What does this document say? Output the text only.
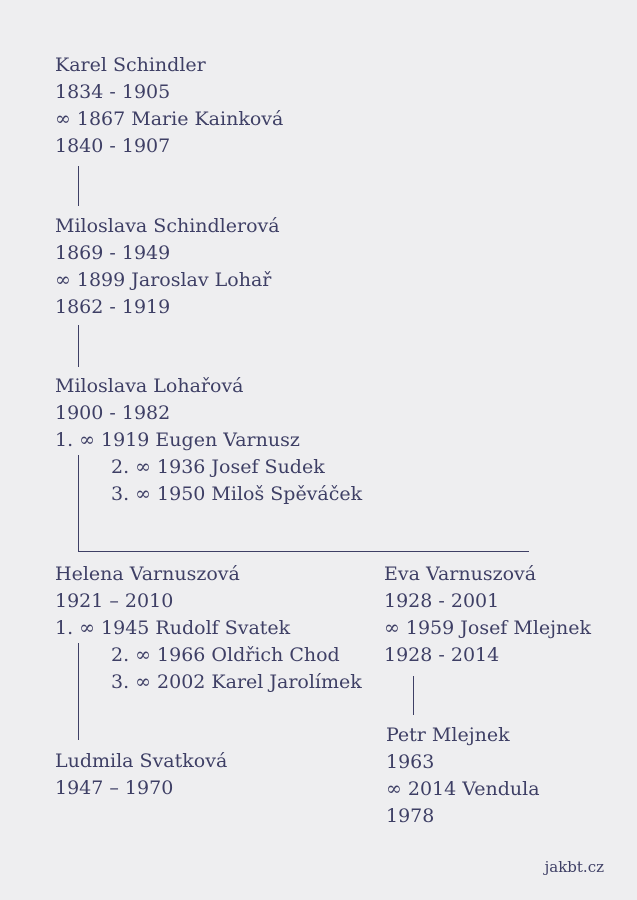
Karel Schindler
1834 - 1905
∞ 1867 Marie Kainková
1840 - 1907
Miloslava Schindlerová
1869 - 1949
∞ 1899 Jaroslav Lohař
1862 - 1919
Miloslava Lohařová
1900 - 1982
1. ∞ 1919 Eugen Varnusz
2. ∞ 1936 Josef Sudek
3. ∞ 1950 Miloš Spěváček
Helena Varnuszová
1921 – 2010
1. ∞ 1945 Rudolf Svatek
2. ∞ 1966 Oldřich Chod
3. ∞ 2002 Karel Jarolímek
Eva Varnuszová
1928 - 2001
∞ 1959 Josef Mlejnek
1928 - 2014
Ludmila Svatková
1947 – 1970
Petr Mlejnek
1963
∞ 2014 Vendula
1978
jakbt.cz
